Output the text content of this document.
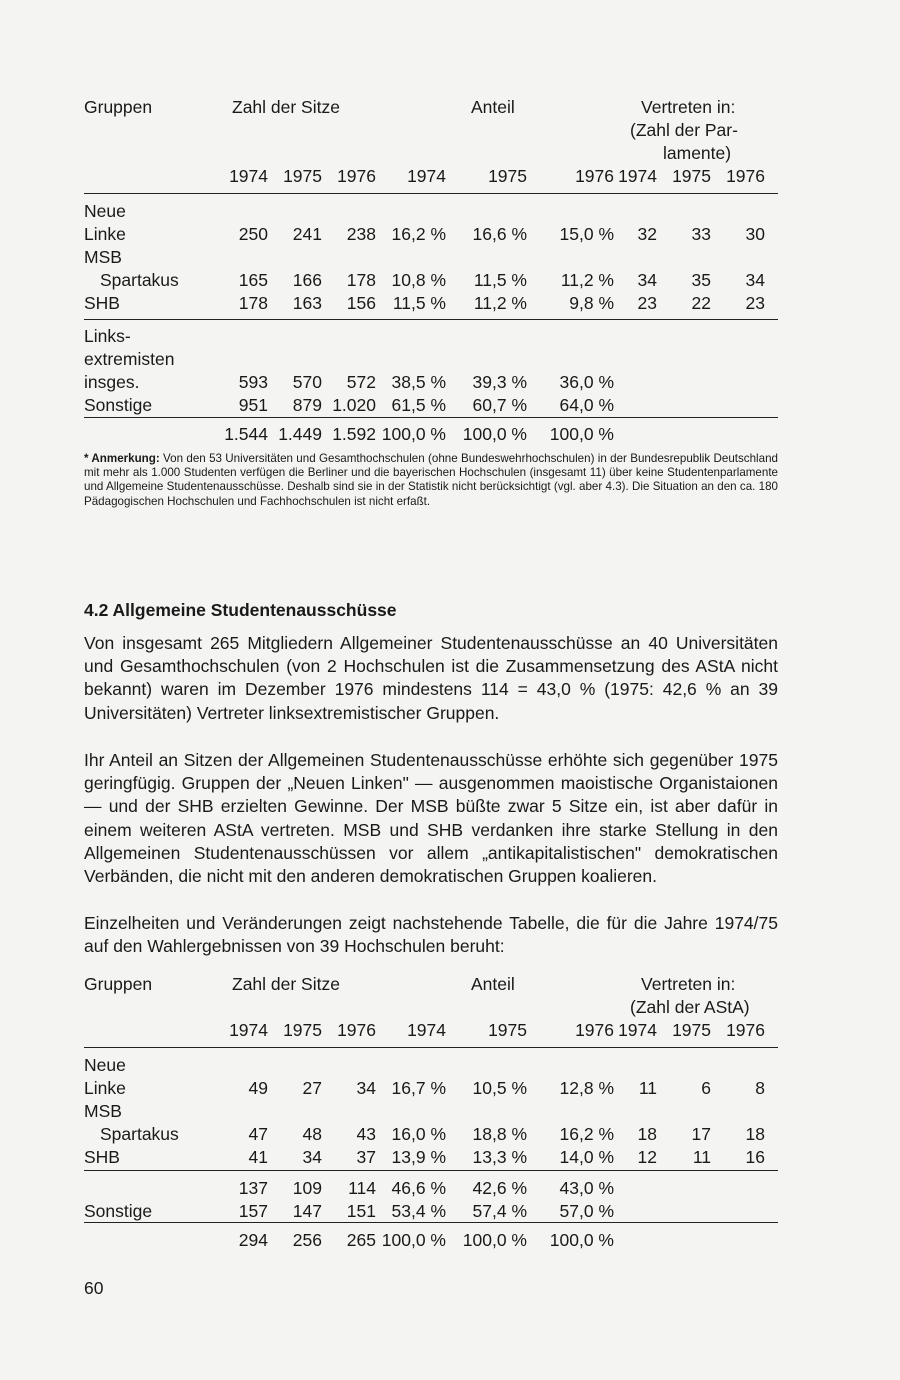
Gruppen	Zahl der Sitze	Anteil	Vertreten in:
(Zahl der Par-
lamente)
1974 1975 1976 1974 1975	1976 1974 1975 1976
Neue
Linke	250 241 238 16,2 % 16,6 % 15,0 % 32 33 30
MSB
Spartakus	165 166 178 10,8 % 11,5 % 11,2 % 34 35 34
SHB	178 163 156 11,5 % 11,2 % 9,8 % 23 22 23
Links-
extremisten
insges.	593 570 572 38,5 % 39,3 % 36,0 %
Sonstige	951 879 1.020 61,5 % 60,7 % 64,0 %
1.544 1.449 1.592 100,0 % 100,0 % 100,0 %
* Anmerkung: Von den 53 Universitäten und Gesamthochschulen (ohne Bundeswehrhochschulen) in der Bundesrepublik Deutschland mit mehr als 1.000 Studenten verfügen die Berliner und die bayerischen Hochschulen (insgesamt 11) über keine Studentenparlamente und Allgemeine Studentenausschüsse. Deshalb sind sie in der Statistik nicht berücksichtigt (vgl. aber 4.3). Die Situation an den ca. 180 Pädagogischen Hochschulen und Fachhochschulen ist nicht erfaßt.
4.2 Allgemeine Studentenausschüsse

Von insgesamt 265 Mitgliedern Allgemeiner Studentenausschüsse an 40 Universitäten und Gesamthochschulen (von 2 Hochschulen ist die Zusammensetzung des AStA nicht bekannt) waren im Dezember 1976 mindestens 114 = 43,0 % (1975: 42,6 % an 39 Universitäten) Vertreter linksextremistischer Gruppen.

Ihr Anteil an Sitzen der Allgemeinen Studentenausschüsse erhöhte sich gegenüber 1975 geringfügig. Gruppen der „Neuen Linken" — ausgenommen maoistische Organistaionen — und der SHB erzielten Gewinne. Der MSB büßte zwar 5 Sitze ein, ist aber dafür in einem weiteren AStA vertreten. MSB und SHB verdanken ihre starke Stellung in den Allgemeinen Studentenausschüssen vor allem „antikapitalistischen" demokratischen Verbänden, die nicht mit den anderen demokratischen Gruppen koalieren.

Einzelheiten und Veränderungen zeigt nachstehende Tabelle, die für die Jahre 1974/75 auf den Wahlergebnissen von 39 Hochschulen beruht:

Gruppen	Zahl der Sitze	Anteil	Vertreten in:
(Zahl der AStA)
1974 1975 1976 1974 1975	1976 1974 1975 1976
Neue
Linke	49 27 34 16,7 % 10,5 % 12,8 % 11	6	8
MSB
Spartakus	47 48 43 16,0 % 18,8 % 16,2 % 18 17 18
SHB	41 34 37 13,9 % 13,3 % 14,0 % 12 11 16
137 109 114 46,6 % 42,6 % 43,0 %
Sonstige	157 147 151 53,4 % 57,4 % 57,0 %
294 256 265 100,0 % 100,0 % 100,0 %
60
